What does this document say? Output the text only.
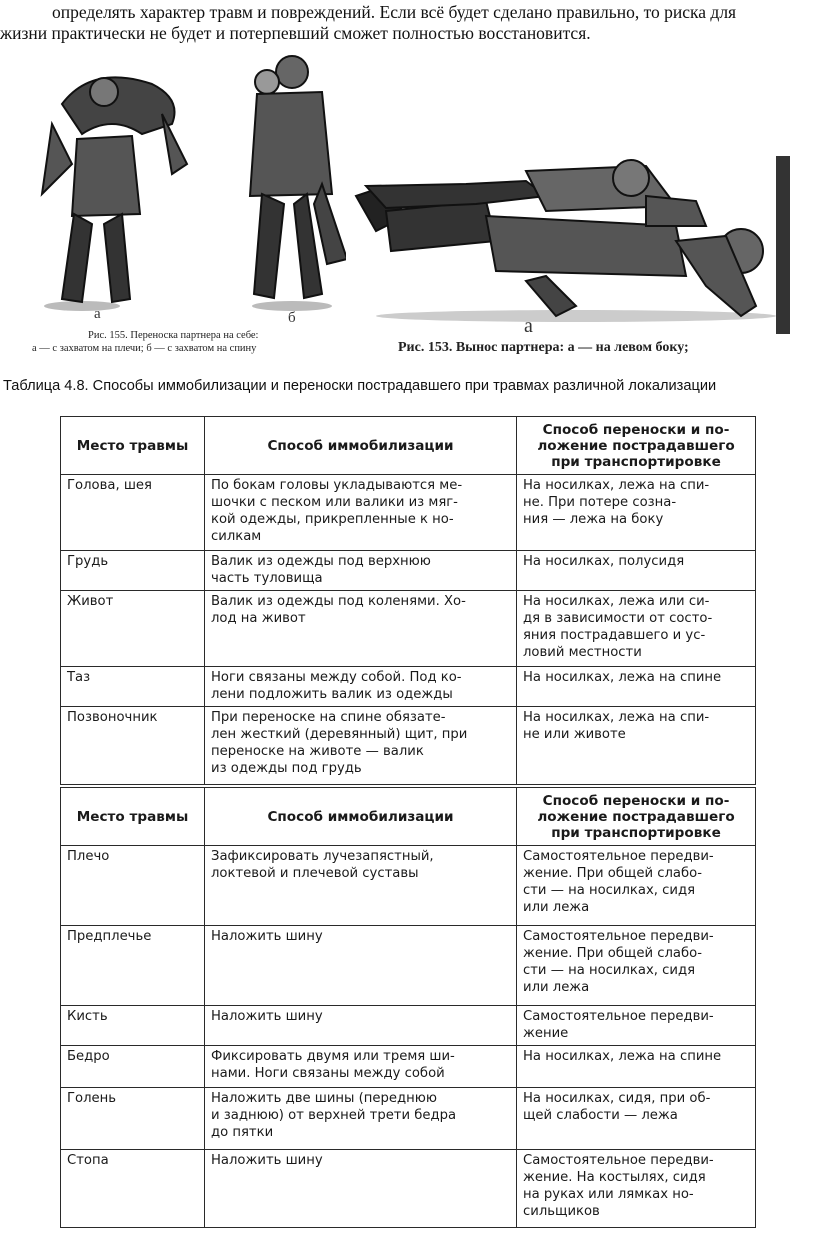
определять характер травм и повреждений. Если всё будет сделано правильно, то риска для
жизни практически не будет и потерпевший сможет полностью восстановится.

а	б
Рис. 155. Переноска партнера на себе:
а — с захватом на плечи; б — с захватом на спину
а
Рис. 153. Вынос партнера: а — на левом боку;

Таблица 4.8. Способы иммобилизации и переноски пострадавшего при травмах различной локализации

Место травмы	Способ иммобилизации	Способ переноски и по-
ложение пострадавшего
при транспортировке
Голова, шея	По бокам головы укладываются ме-
шочки с песком или валики из мяг-
кой одежды, прикрепленные к но-
силкам	На носилках, лежа на спи-
не. При потере созна-
ния — лежа на боку
Грудь	Валик из одежды под верхнюю
часть туловища	На носилках, полусидя
Живот	Валик из одежды под коленями. Хо-
лод на живот	На носилках, лежа или си-
дя в зависимости от состо-
яния пострадавшего и ус-
ловий местности
Таз	Ноги связаны между собой. Под ко-
лени подложить валик из одежды	На носилках, лежа на спине
Позвоночник	При переноске на спине обязате-
лен жесткий (деревянный) щит, при
переноске на животе — валик
из одежды под грудь	На носилках, лежа на спи-
не или животе
Место травмы	Способ иммобилизации	Способ переноски и по-
ложение пострадавшего
при транспортировке
Плечо	Зафиксировать лучезапястный,
локтевой и плечевой суставы	Самостоятельное передви-
жение. При общей слабо-
сти — на носилках, сидя
или лежа
Предплечье	Наложить шину	Самостоятельное передви-
жение. При общей слабо-
сти — на носилках, сидя
или лежа
Кисть	Наложить шину	Самостоятельное передви-
жение
Бедро	Фиксировать двумя или тремя ши-
нами. Ноги связаны между собой	На носилках, лежа на спине
Голень	Наложить две шины (переднюю
и заднюю) от верхней трети бедра
до пятки	На носилках, сидя, при об-
щей слабости — лежа
Стопа	Наложить шину	Самостоятельное передви-
жение. На костылях, сидя
на руках или лямках но-
сильщиков
